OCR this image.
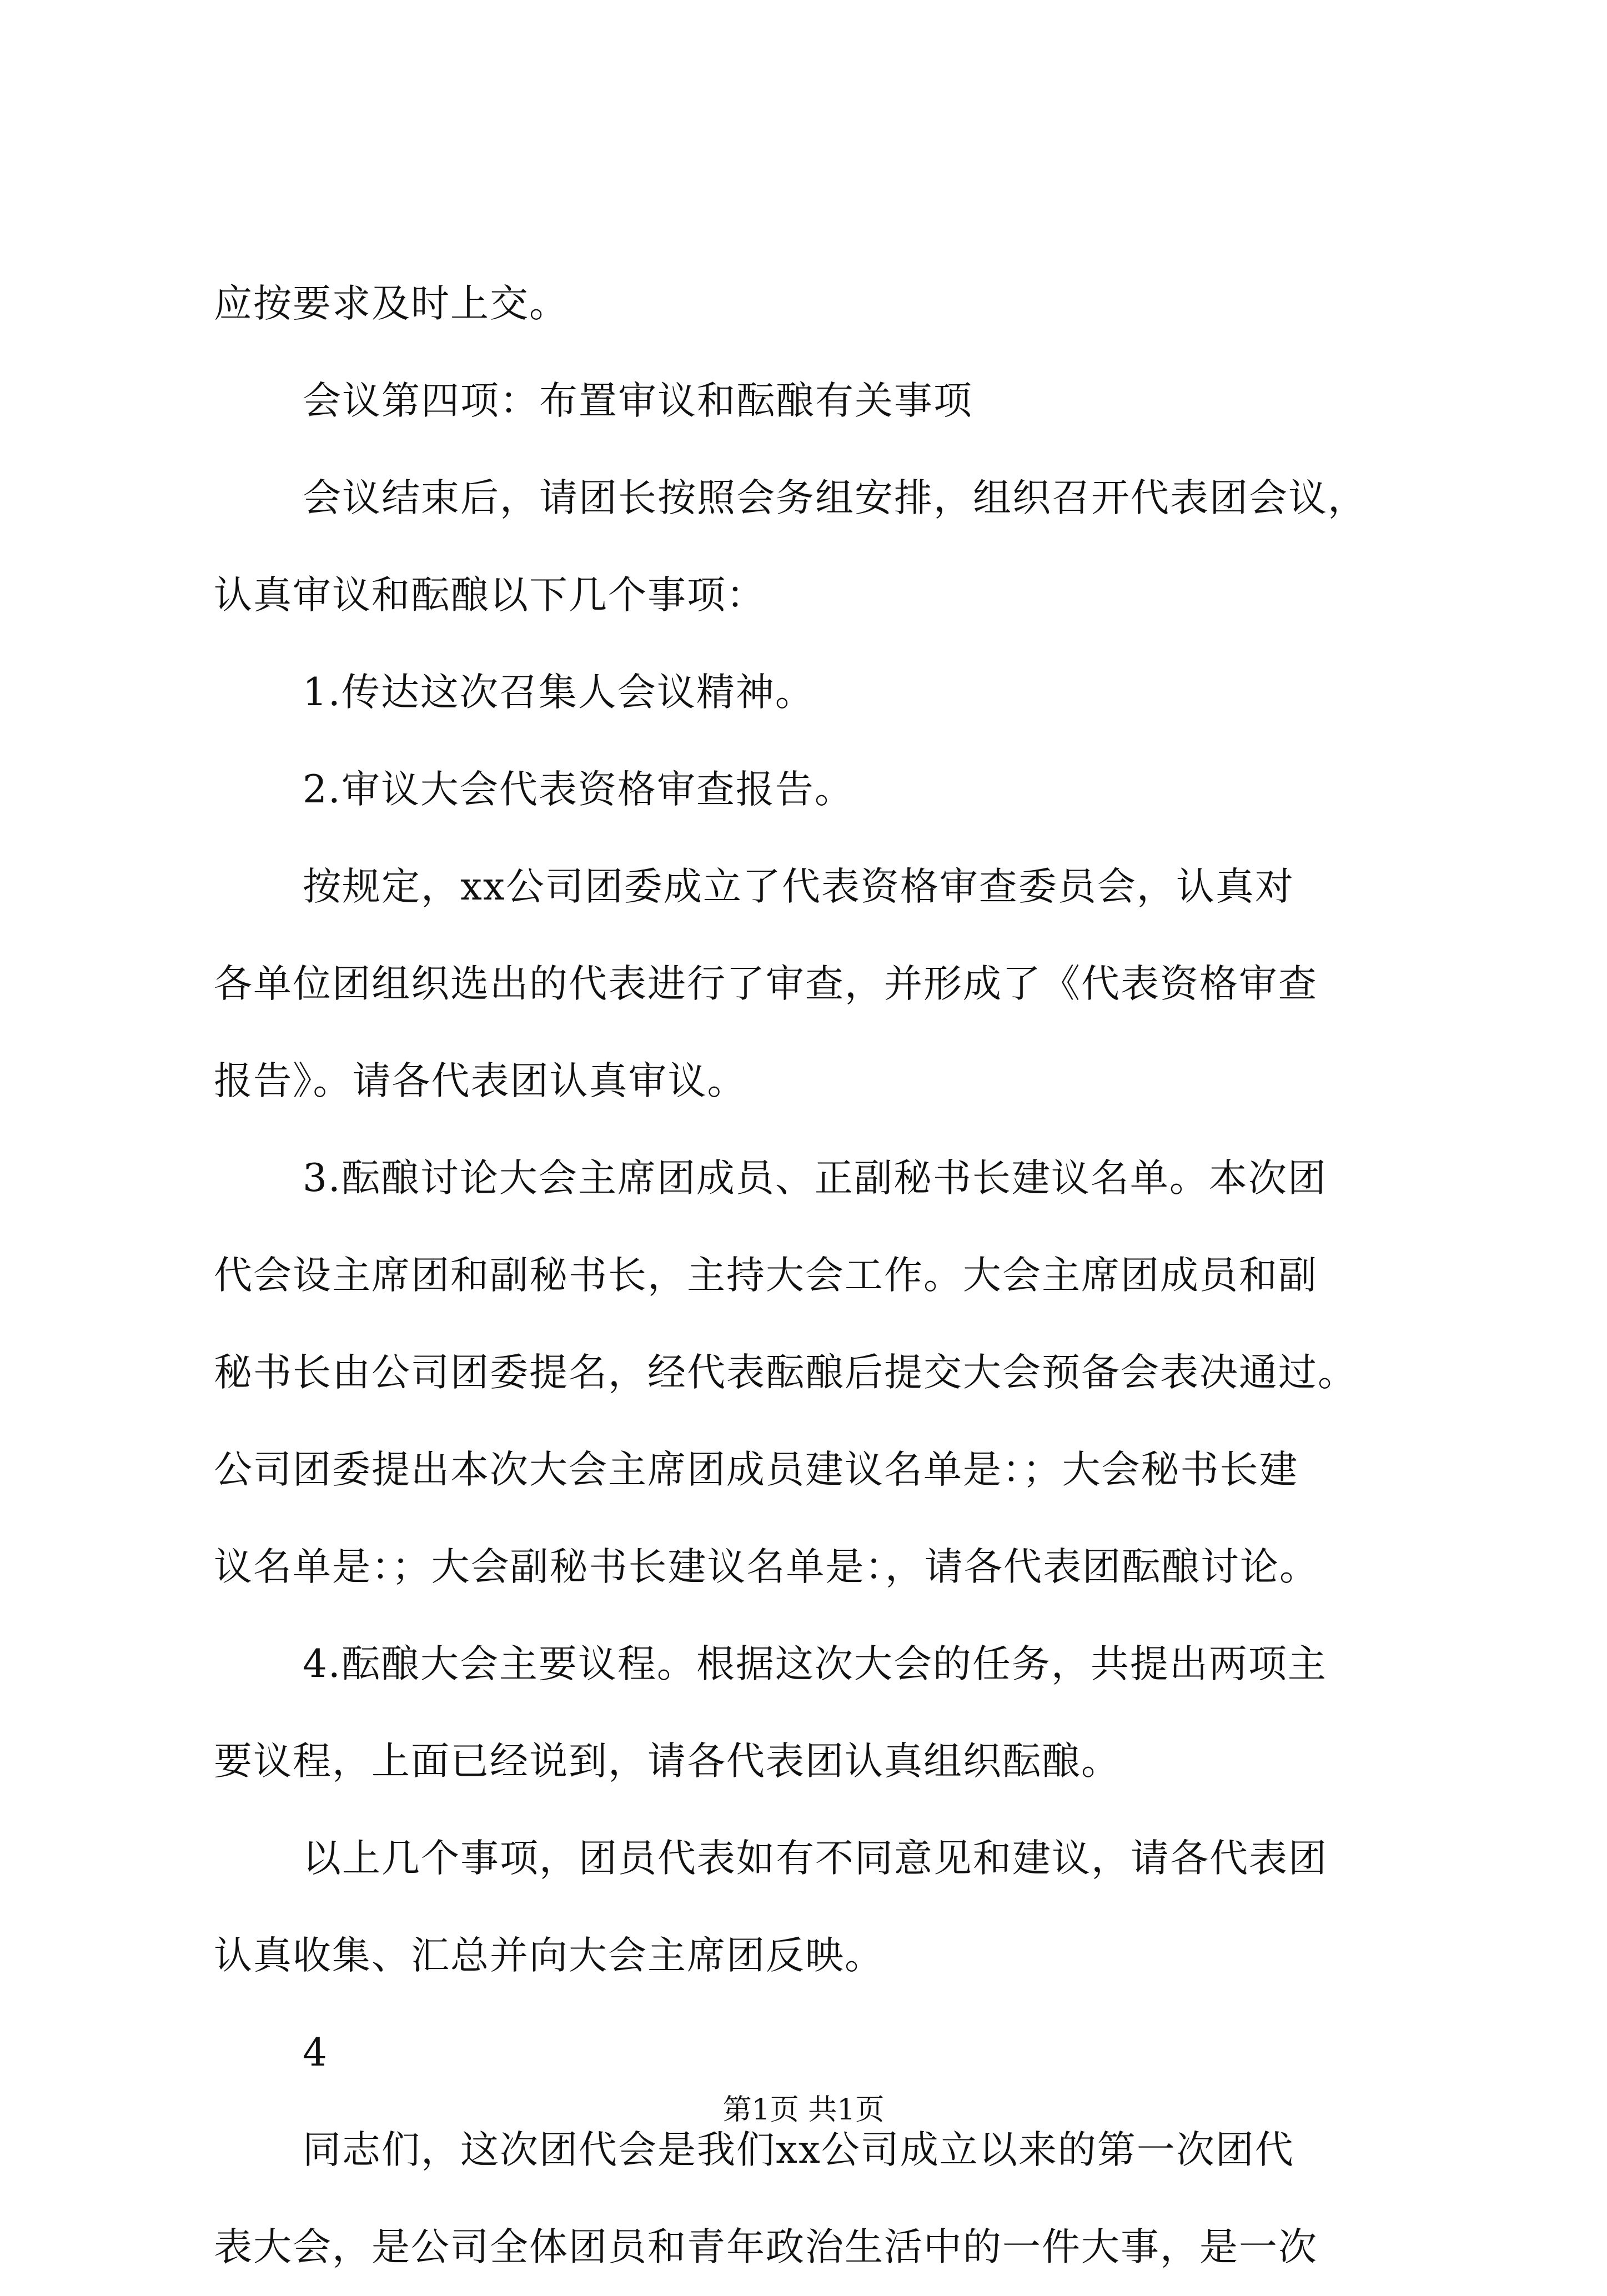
应按要求及时上交。
会议第四项：布置审议和酝酿有关事项
会议结束后，请团长按照会务组安排，组织召开代表团会议，
认真审议和酝酿以下几个事项：
1.传达这次召集人会议精神。
2.审议大会代表资格审查报告。
按规定，xx公司团委成立了代表资格审查委员会，认真对
各单位团组织选出的代表进行了审查，并形成了《代表资格审查
报告》。请各代表团认真审议。
3.酝酿讨论大会主席团成员、正副秘书长建议名单。本次团
代会设主席团和副秘书长，主持大会工作。大会主席团成员和副
秘书长由公司团委提名，经代表酝酿后提交大会预备会表决通过。
公司团委提出本次大会主席团成员建议名单是：；大会秘书长建
议名单是：；大会副秘书长建议名单是：，请各代表团酝酿讨论。
4.酝酿大会主要议程。根据这次大会的任务，共提出两项主
要议程，上面已经说到，请各代表团认真组织酝酿。
以上几个事项，团员代表如有不同意见和建议，请各代表团
认真收集、汇总并向大会主席团反映。
4
同志们，这次团代会是我们xx公司成立以来的第一次团代
表大会，是公司全体团员和青年政治生活中的一件大事，是一次
第1页 共1页
